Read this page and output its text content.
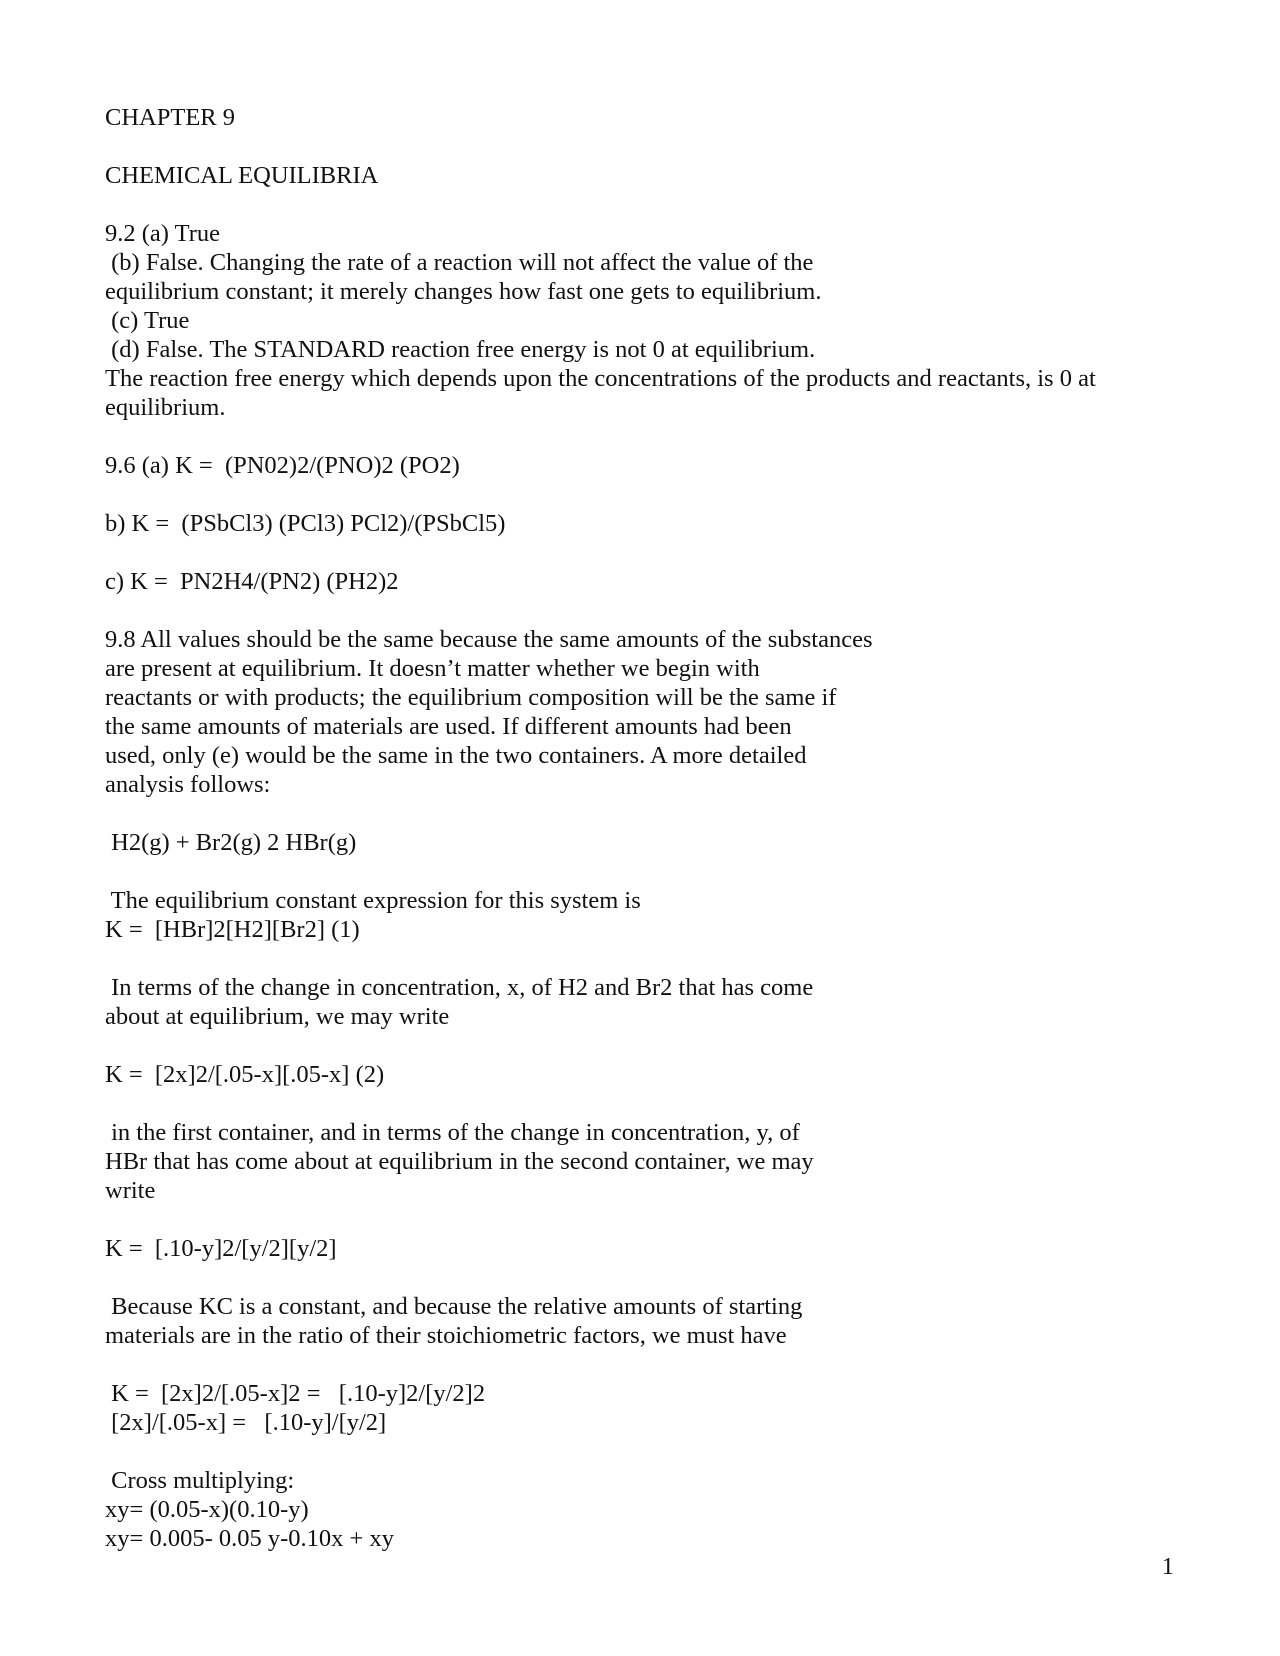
CHAPTER 9
CHEMICAL EQUILIBRIA
9.2 (a) True
(b) False. Changing the rate of a reaction will not affect the value of the
equilibrium constant; it merely changes how fast one gets to equilibrium.
(c) True
(d) False. The STANDARD reaction free energy is not 0 at equilibrium.
The reaction free energy which depends upon the concentrations of the products and reactants, is 0 at
equilibrium.
9.6 (a) K =  (PN02)2/(PNO)2 (PO2)
b) K =  (PSbCl3) (PCl3) PCl2)/(PSbCl5)
c) K =  PN2H4/(PN2) (PH2)2
9.8 All values should be the same because the same amounts of the substances
are present at equilibrium. It doesn’t matter whether we begin with
reactants or with products; the equilibrium composition will be the same if
the same amounts of materials are used. If different amounts had been
used, only (e) would be the same in the two containers. A more detailed
analysis follows:
H2(g) + Br2(g) 2 HBr(g)
The equilibrium constant expression for this system is
K =  [HBr]2[H2][Br2] (1)
In terms of the change in concentration, x, of H2 and Br2 that has come
about at equilibrium, we may write
K =  [2x]2/[.05-x][.05-x] (2)
in the first container, and in terms of the change in concentration, y, of
HBr that has come about at equilibrium in the second container, we may
write
K =  [.10-y]2/[y/2][y/2]
Because KC is a constant, and because the relative amounts of starting
materials are in the ratio of their stoichiometric factors, we must have
K =  [2x]2/[.05-x]2 =   [.10-y]2/[y/2]2
[2x]/[.05-x] =   [.10-y]/[y/2]
Cross multiplying:
xy= (0.05-x)(0.10-y)
xy= 0.005- 0.05 y-0.10x + xy
1
